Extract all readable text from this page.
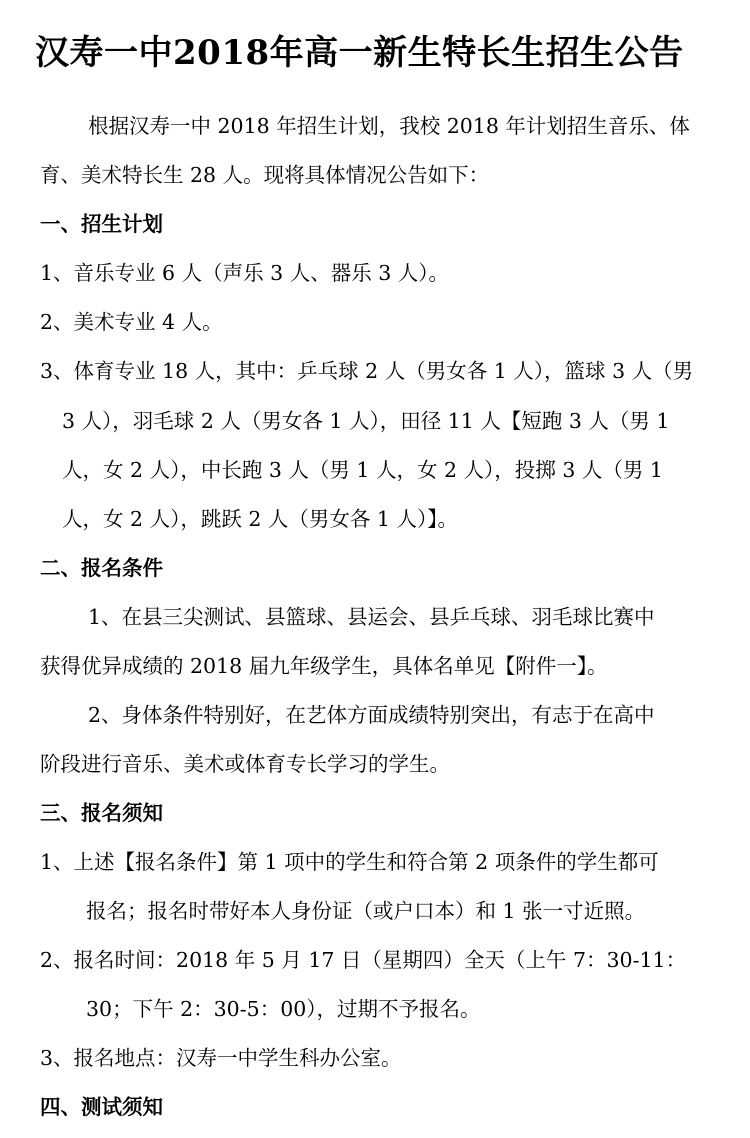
汉寿一中2018年高一新生特长生招生公告

根据汉寿一中 2018 年招生计划，我校 2018 年计划招生音乐、体

育、美术特长生 28 人。现将具体情况公告如下：

一、招生计划

1、音乐专业 6 人（声乐 3 人、器乐 3 人）。

2、美术专业 4 人。

3、体育专业 18 人，其中：乒乓球 2 人（男女各 1 人），篮球 3 人（男

3 人），羽毛球 2 人（男女各 1 人），田径 11 人【短跑 3 人（男 1

人，女 2 人），中长跑 3 人（男 1 人，女 2 人），投掷 3 人（男 1

人，女 2 人），跳跃 2 人（男女各 1 人）】。

二、报名条件

1、在县三尖测试、县篮球、县运会、县乒乓球、羽毛球比赛中

获得优异成绩的 2018 届九年级学生，具体名单见【附件一】。

2、身体条件特别好，在艺体方面成绩特别突出，有志于在高中

阶段进行音乐、美术或体育专长学习的学生。

三、报名须知

1、上述【报名条件】第 1 项中的学生和符合第 2 项条件的学生都可

报名；报名时带好本人身份证（或户口本）和 1 张一寸近照。

2、报名时间：2018 年 5 月 17 日（星期四）全天（上午 7：30-11：

30；下午 2：30-5：00），过期不予报名。

3、报名地点：汉寿一中学生科办公室。

四、测试须知
